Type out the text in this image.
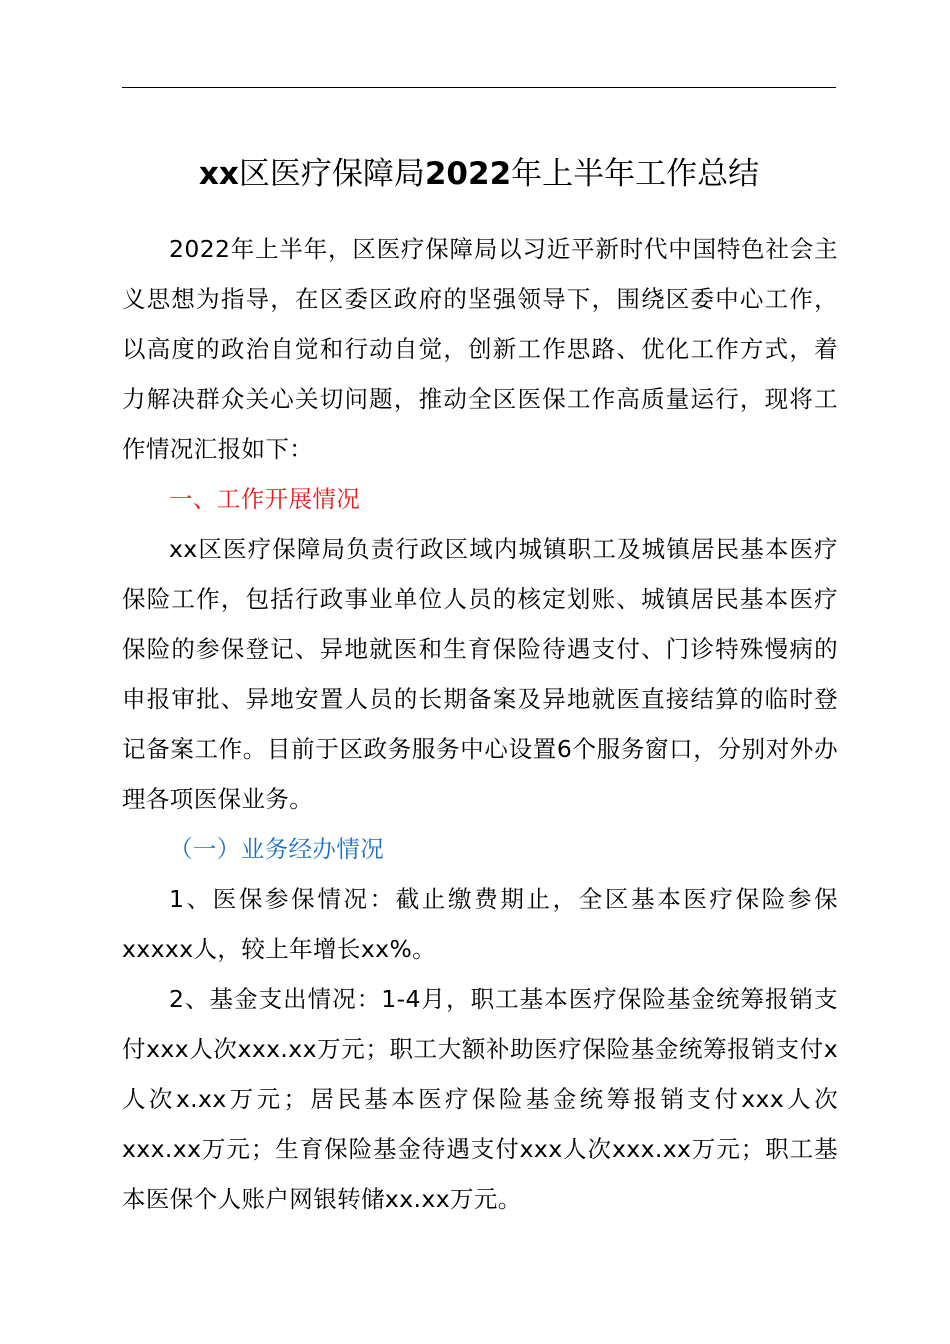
xx区医疗保障局2022年上半年工作总结

2022年上半年，区医疗保障局以习近平新时代中国特色社会主义思想为指导，在区委区政府的坚强领导下，围绕区委中心工作，以高度的政治自觉和行动自觉，创新工作思路、优化工作方式，着力解决群众关心关切问题，推动全区医保工作高质量运行，现将工作情况汇报如下：

一、工作开展情况

xx区医疗保障局负责行政区域内城镇职工及城镇居民基本医疗保险工作，包括行政事业单位人员的核定划账、城镇居民基本医疗保险的参保登记、异地就医和生育保险待遇支付、门诊特殊慢病的申报审批、异地安置人员的长期备案及异地就医直接结算的临时登记备案工作。目前于区政务服务中心设置6个服务窗口，分别对外办理各项医保业务。

（一）业务经办情况

1、医保参保情况：截止缴费期止，全区基本医疗保险参保xxxxx人，较上年增长xx%。

2、基金支出情况：1-4月，职工基本医疗保险基金统筹报销支付xxx人次xxx.xx万元；职工大额补助医疗保险基金统筹报销支付x人次x.xx万元；居民基本医疗保险基金统筹报销支付xxx人次xxx.xx万元；生育保险基金待遇支付xxx人次xxx.xx万元；职工基本医保个人账户网银转储xx.xx万元。
